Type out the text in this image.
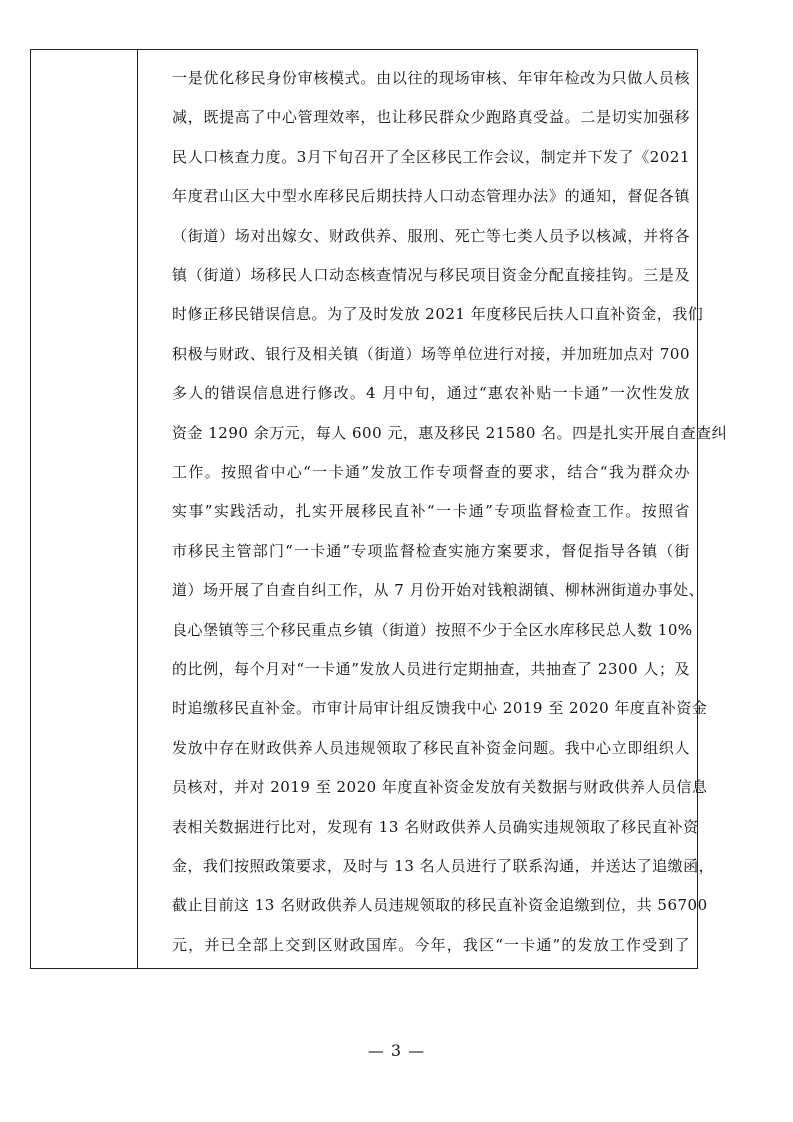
一是优化移民身份审核模式。由以往的现场审核、年审年检改为只做人员核
减，既提高了中心管理效率，也让移民群众少跑路真受益。二是切实加强移
民人口核查力度。3月下旬召开了全区移民工作会议，制定并下发了《2021
年度君山区大中型水库移民后期扶持人口动态管理办法》的通知，督促各镇
（街道）场对出嫁女、财政供养、服刑、死亡等七类人员予以核减，并将各
镇（街道）场移民人口动态核查情况与移民项目资金分配直接挂钩。三是及
时修正移民错误信息。为了及时发放 2021 年度移民后扶人口直补资金，我们
积极与财政、银行及相关镇（街道）场等单位进行对接，并加班加点对 700
多人的错误信息进行修改。4 月中旬，通过“惠农补贴一卡通”一次性发放
资金 1290 余万元，每人 600 元，惠及移民 21580 名。四是扎实开展自查查纠
工作。按照省中心“一卡通”发放工作专项督查的要求，结合“我为群众办
实事”实践活动，扎实开展移民直补“一卡通”专项监督检查工作。按照省
市移民主管部门“一卡通”专项监督检查实施方案要求，督促指导各镇（街
道）场开展了自查自纠工作，从 7 月份开始对钱粮湖镇、柳林洲街道办事处、
良心堡镇等三个移民重点乡镇（街道）按照不少于全区水库移民总人数 10%
的比例，每个月对“一卡通”发放人员进行定期抽查，共抽查了 2300 人；及
时追缴移民直补金。市审计局审计组反馈我中心 2019 至 2020 年度直补资金
发放中存在财政供养人员违规领取了移民直补资金问题。我中心立即组织人
员核对，并对 2019 至 2020 年度直补资金发放有关数据与财政供养人员信息
表相关数据进行比对，发现有 13 名财政供养人员确实违规领取了移民直补资
金，我们按照政策要求，及时与 13 名人员进行了联系沟通，并送达了追缴函，
截止目前这 13 名财政供养人员违规领取的移民直补资金追缴到位，共 56700
元，并已全部上交到区财政国库。今年，我区“一卡通”的发放工作受到了
— 3 —
